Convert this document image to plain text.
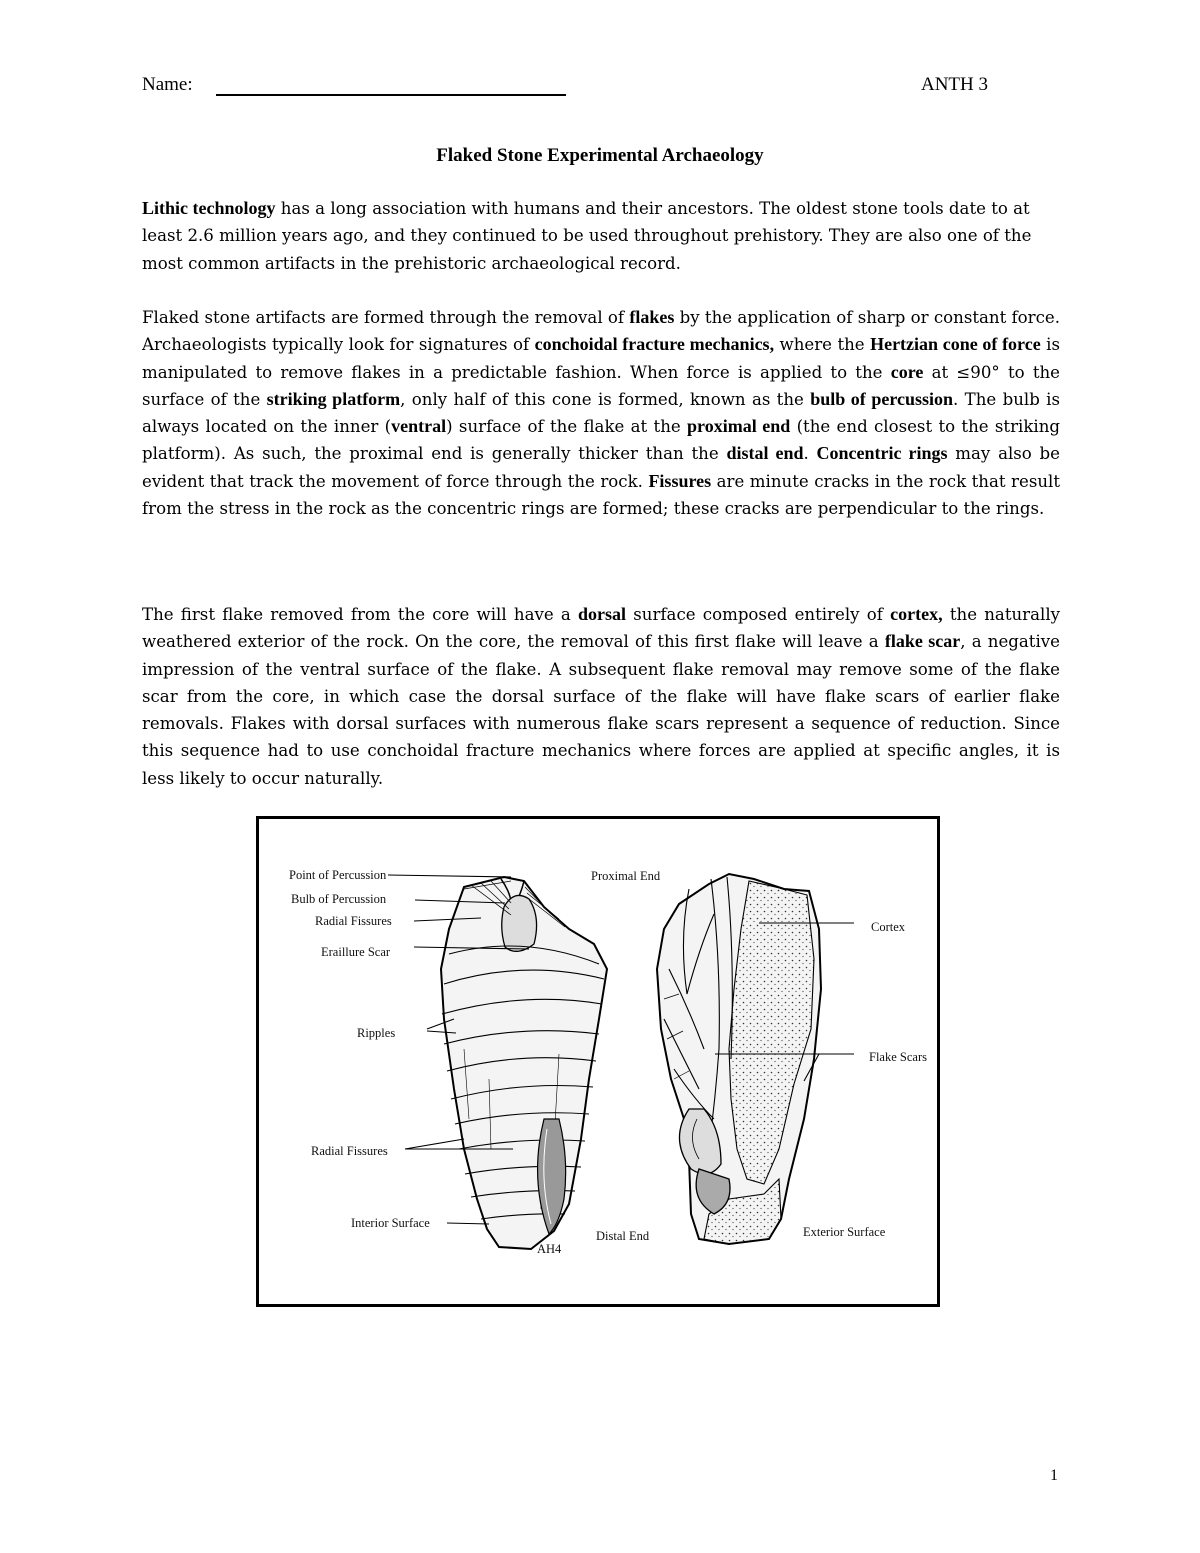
Name:	ANTH 3
Flaked Stone Experimental Archaeology

Lithic technology has a long association with humans and their ancestors. The oldest stone tools date to at least 2.6 million years ago, and they continued to be used throughout prehistory. They are also one of the most common artifacts in the prehistoric archaeological record.

Flaked stone artifacts are formed through the removal of flakes by the application of sharp or constant force. Archaeologists typically look for signatures of conchoidal fracture mechanics, where the Hertzian cone of force is manipulated to remove flakes in a predictable fashion. When force is applied to the core at ≤90° to the surface of the striking platform, only half of this cone is formed, known as the bulb of percussion. The bulb is always located on the inner (ventral) surface of the flake at the proximal end (the end closest to the striking platform). As such, the proximal end is generally thicker than the distal end. Concentric rings may also be evident that track the movement of force through the rock. Fissures are minute cracks in the rock that result from the stress in the rock as the concentric rings are formed; these cracks are perpendicular to the rings.

The first flake removed from the core will have a dorsal surface composed entirely of cortex, the naturally weathered exterior of the rock. On the core, the removal of this first flake will leave a flake scar, a negative impression of the ventral surface of the flake. A subsequent flake removal may remove some of the flake scar from the core, in which case the dorsal surface of the flake will have flake scars of earlier flake removals. Flakes with dorsal surfaces with numerous flake scars represent a sequence of reduction. Since this sequence had to use conchoidal fracture mechanics where forces are applied at specific angles, it is less likely to occur naturally.

Point of Percussion
Bulb of Percussion
Radial Fissures
Eraillure Scar
Ripples
Radial Fissures
Interior Surface
AH4
Proximal End
Distal End
Cortex
Flake Scars
Exterior Surface
1
